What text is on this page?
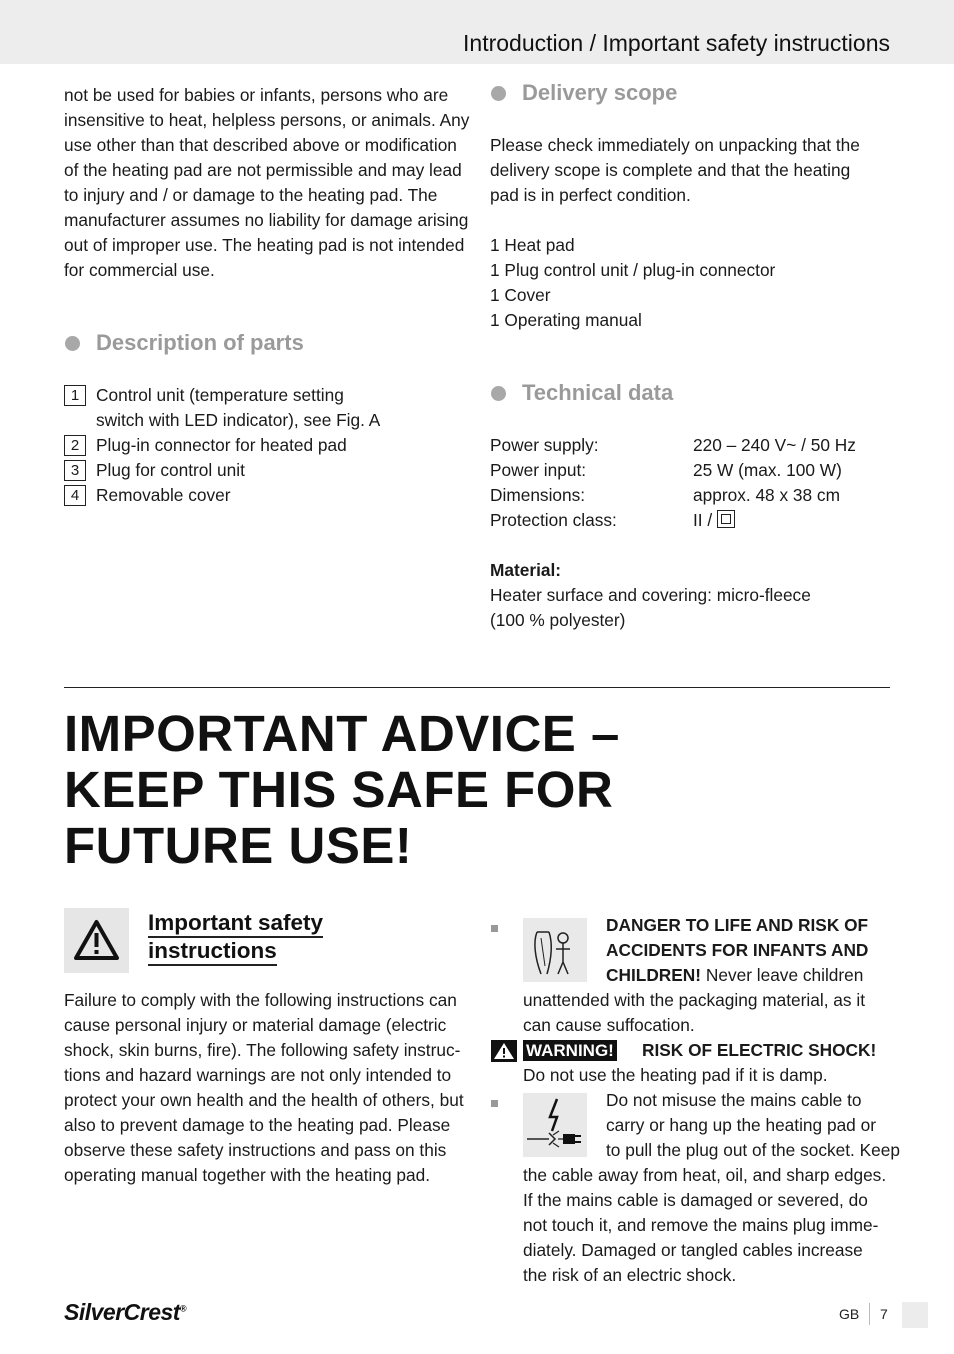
Introduction / Important safety instructions
not be used for babies or infants, persons who are
insensitive to heat, helpless persons, or animals. Any
use other than that described above or modification
of the heating pad are not permissible and may lead
to injury and / or damage to the heating pad. The
manufacturer assumes no liability for damage arising
out of improper use. The heating pad is not intended
for commercial use.
Description of parts
1 Control unit (temperature setting
switch with LED indicator), see Fig. A
2 Plug-in connector for heated pad
3 Plug for control unit
4 Removable cover
Delivery scope
Please check immediately on unpacking that the
delivery scope is complete and that the heating
pad is in perfect condition.
1 Heat pad
1 Plug control unit / plug-in connector
1 Cover
1 Operating manual
Technical data
Power supply:	220 – 240 V~ / 50 Hz
Power input:	25 W (max. 100 W)
Dimensions:	approx. 48 x 38 cm
Protection class:	II /
Material:
Heater surface and covering: micro-fleece
(100 % polyester)
IMPORTANT ADVICE –
KEEP THIS SAFE FOR
FUTURE USE!
Important safety
instructions
Failure to comply with the following instructions can
cause personal injury or material damage (electric
shock, skin burns, fire). The following safety instruc-
tions and hazard warnings are not only intended to
protect your own health and the health of others, but
also to prevent damage to the heating pad. Please
observe these safety instructions and pass on this
operating manual together with the heating pad.
DANGER TO LIFE AND RISK OF
ACCIDENTS FOR INFANTS AND
CHILDREN! Never leave children
unattended with the packaging material, as it
can cause suffocation.
WARNING! RISK OF ELECTRIC SHOCK!
Do not use the heating pad if it is damp.
Do not misuse the mains cable to
carry or hang up the heating pad or
to pull the plug out of the socket. Keep
the cable away from heat, oil, and sharp edges.
If the mains cable is damaged or severed, do
not touch it, and remove the mains plug imme-
diately. Damaged or tangled cables increase
the risk of an electric shock.
SilverCrest®	GB 7
